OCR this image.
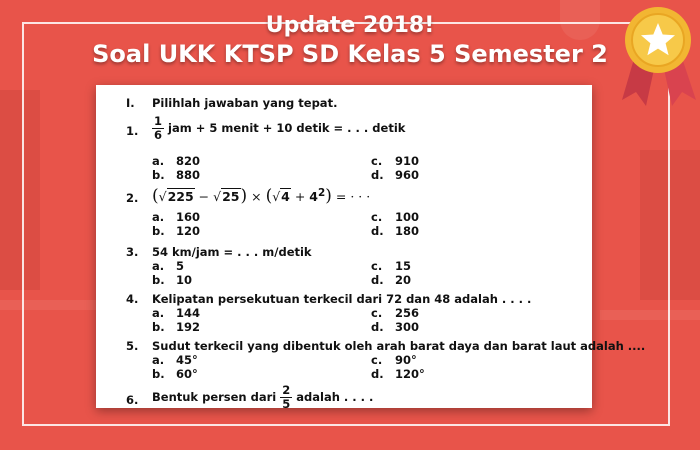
Update 2018!
Soal UKK KTSP SD Kelas 5 Semester 2
I. Pilihlah jawaban yang tepat.
1. $\frac{1}{6}$ jam + 5 menit + 10 detik = . . . detik
a. 820	c. 910
b. 880	d. 960
2. $(√225 - √25) \times (√4 + 4^2)$ = · · ·
a. 160	c. 100
b. 120	d. 180
3. 54 km/jam = . . . m/detik
a. 5	c. 15
b. 10	d. 20
4. Kelipatan persekutuan terkecil dari 72 dan 48 adalah . . . .
a. 144	c. 256
b. 192	d. 300
5. Sudut terkecil yang dibentuk oleh arah barat daya dan barat laut adalah ....
a. 45°	c. 90°
b. 60°	d. 120°
6. Bentuk persen dari $\frac{2}{5}$ adalah . . . .
